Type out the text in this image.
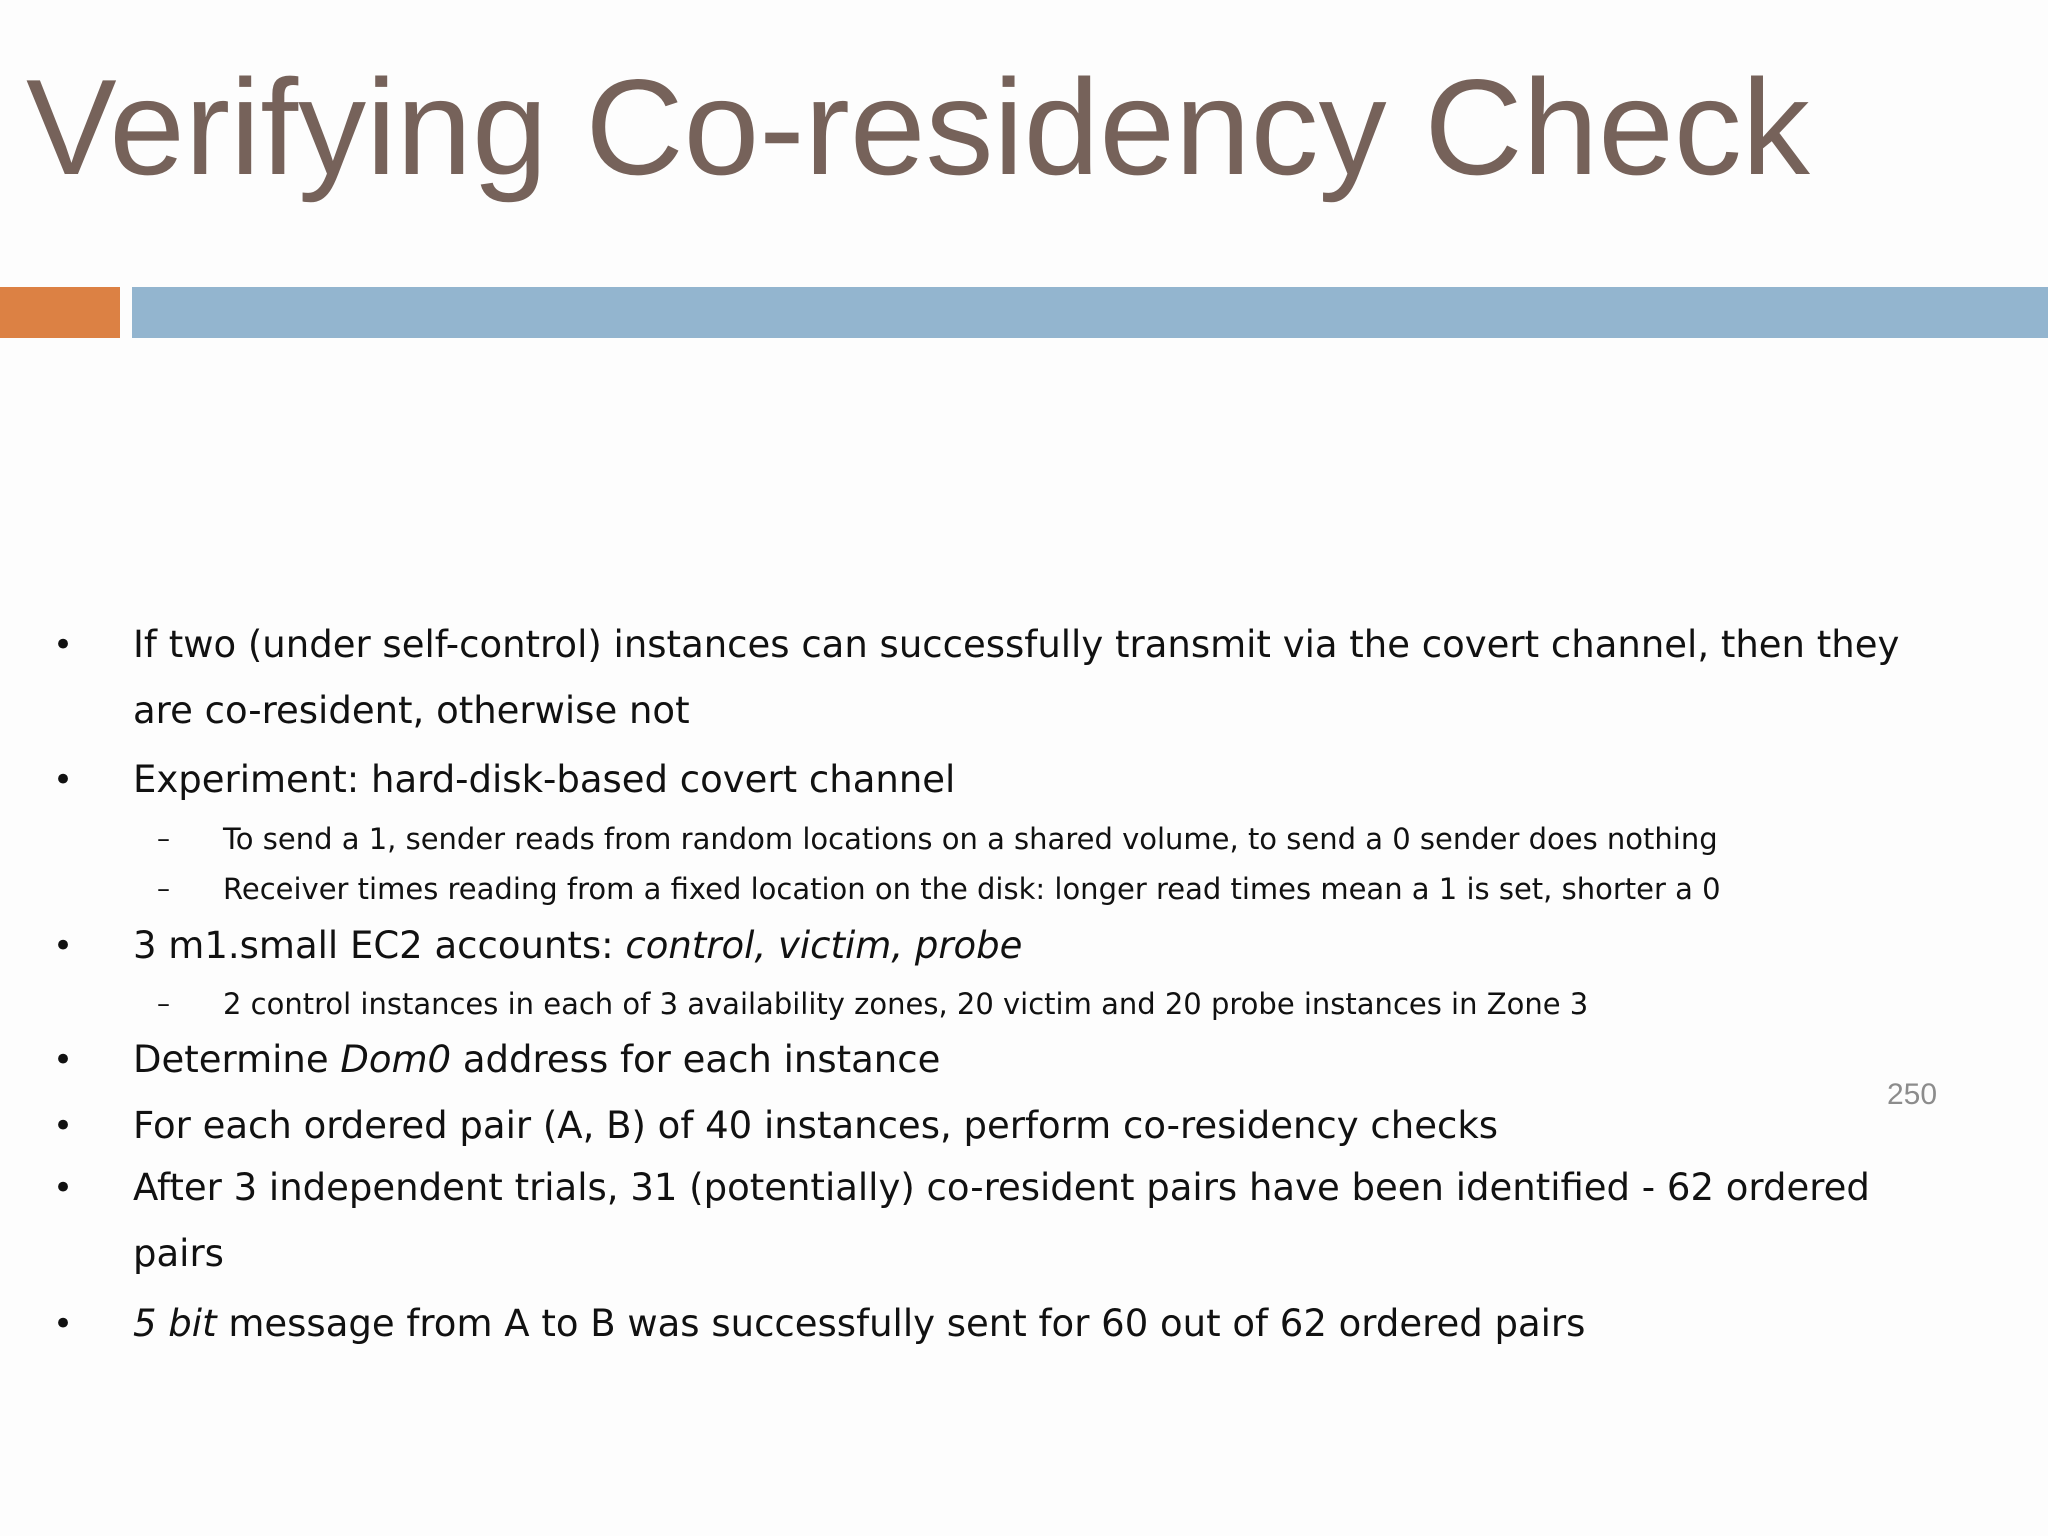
Verifying Co-residency Check
• If two (under self-control) instances can successfully transmit via the covert channel, then they
are co-resident, otherwise not
• Experiment: hard-disk-based covert channel
– To send a 1, sender reads from random locations on a shared volume, to send a 0 sender does nothing
– Receiver times reading from a fixed location on the disk: longer read times mean a 1 is set, shorter a 0
• 3 m1.small EC2 accounts: control, victim, probe
– 2 control instances in each of 3 availability zones, 20 victim and 20 probe instances in Zone 3
• Determine Dom0 address for each instance
• For each ordered pair (A, B) of 40 instances, perform co-residency checks
• After 3 independent trials, 31 (potentially) co-resident pairs have been identified - 62 ordered
pairs
• 5 bit message from A to B was successfully sent for 60 out of 62 ordered pairs
250
